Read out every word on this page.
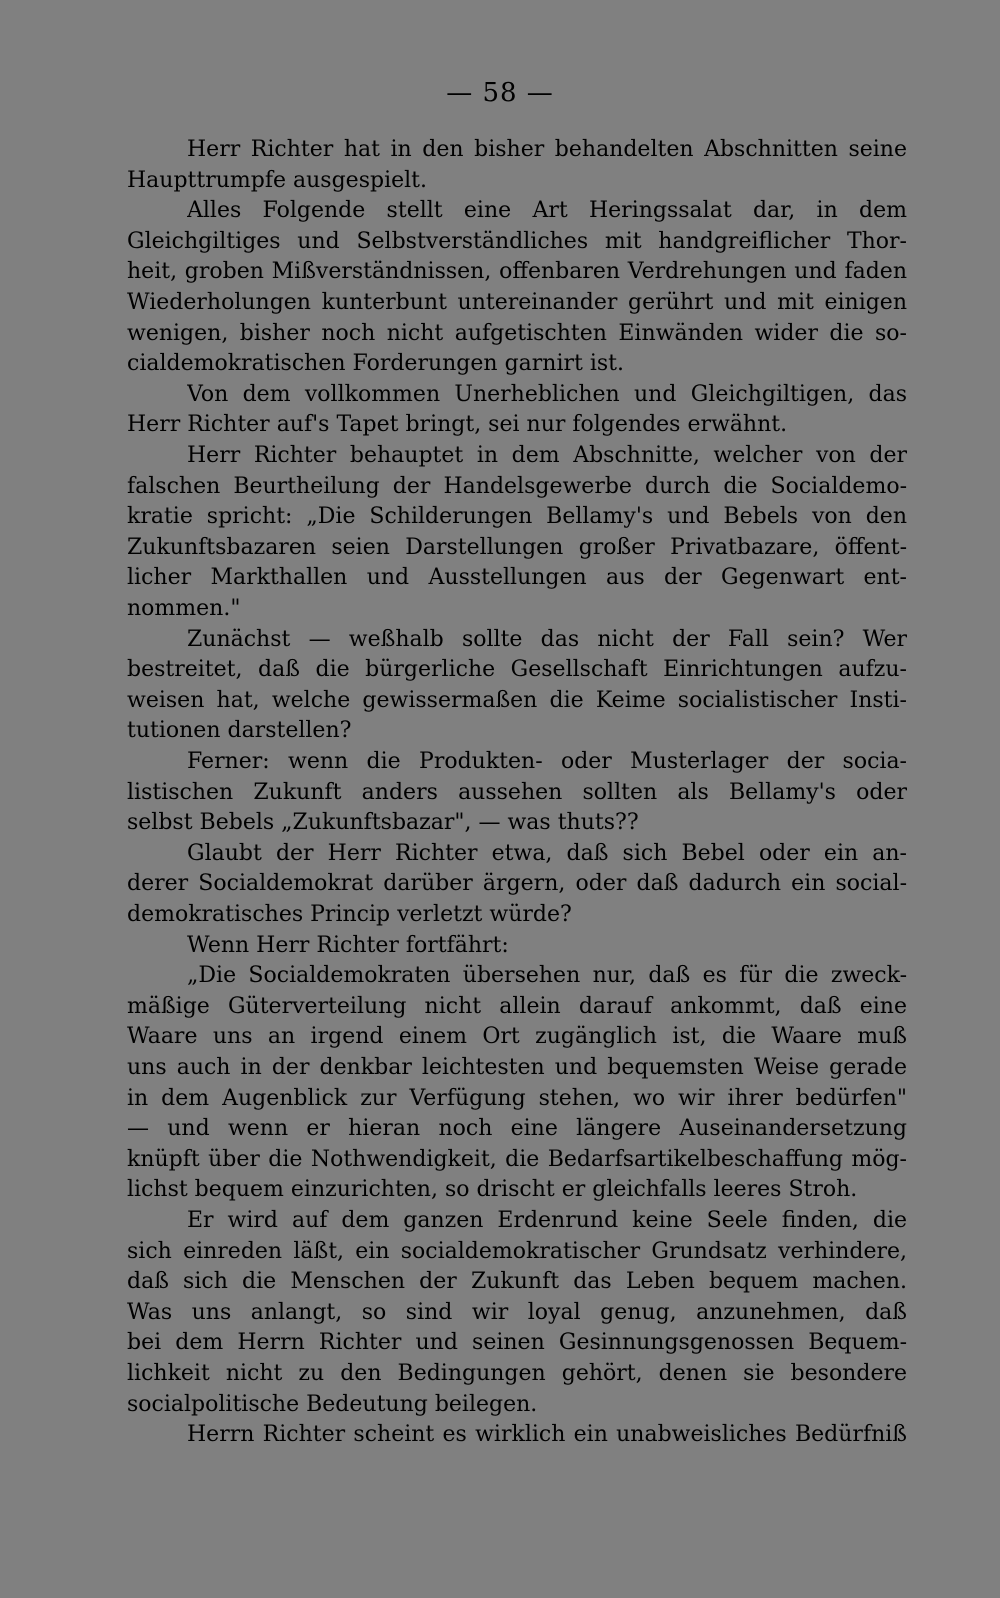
— 58 —
Herr Richter hat in den bisher behandelten Abschnitten seine
Haupttrumpfe ausgespielt.
Alles Folgende stellt eine Art Heringssalat dar, in dem
Gleichgiltiges und Selbstverständliches mit handgreiflicher Thor-
heit, groben Mißverständnissen, offenbaren Verdrehungen und faden
Wiederholungen kunterbunt untereinander gerührt und mit einigen
wenigen, bisher noch nicht aufgetischten Einwänden wider die so-
cialdemokratischen Forderungen garnirt ist.
Von dem vollkommen Unerheblichen und Gleichgiltigen, das
Herr Richter auf's Tapet bringt, sei nur folgendes erwähnt.
Herr Richter behauptet in dem Abschnitte, welcher von der
falschen Beurtheilung der Handelsgewerbe durch die Socialdemo-
kratie spricht: „Die Schilderungen Bellamy's und Bebels von den
Zukunftsbazaren seien Darstellungen großer Privatbazare, öffent-
licher Markthallen und Ausstellungen aus der Gegenwart ent-
nommen."
Zunächst — weßhalb sollte das nicht der Fall sein? Wer
bestreitet, daß die bürgerliche Gesellschaft Einrichtungen aufzu-
weisen hat, welche gewissermaßen die Keime socialistischer Insti-
tutionen darstellen?
Ferner: wenn die Produkten- oder Musterlager der socia-
listischen Zukunft anders aussehen sollten als Bellamy's oder
selbst Bebels „Zukunftsbazar", — was thuts??
Glaubt der Herr Richter etwa, daß sich Bebel oder ein an-
derer Socialdemokrat darüber ärgern, oder daß dadurch ein social-
demokratisches Princip verletzt würde?
Wenn Herr Richter fortfährt:
„Die Socialdemokraten übersehen nur, daß es für die zweck-
mäßige Güterverteilung nicht allein darauf ankommt, daß eine
Waare uns an irgend einem Ort zugänglich ist, die Waare muß
uns auch in der denkbar leichtesten und bequemsten Weise gerade
in dem Augenblick zur Verfügung stehen, wo wir ihrer bedürfen"
— und wenn er hieran noch eine längere Auseinandersetzung
knüpft über die Nothwendigkeit, die Bedarfsartikelbeschaffung mög-
lichst bequem einzurichten, so drischt er gleichfalls leeres Stroh.
Er wird auf dem ganzen Erdenrund keine Seele finden, die
sich einreden läßt, ein socialdemokratischer Grundsatz verhindere,
daß sich die Menschen der Zukunft das Leben bequem machen.
Was uns anlangt, so sind wir loyal genug, anzunehmen, daß
bei dem Herrn Richter und seinen Gesinnungsgenossen Bequem-
lichkeit nicht zu den Bedingungen gehört, denen sie besondere
socialpolitische Bedeutung beilegen.
Herrn Richter scheint es wirklich ein unabweisliches Bedürfniß
